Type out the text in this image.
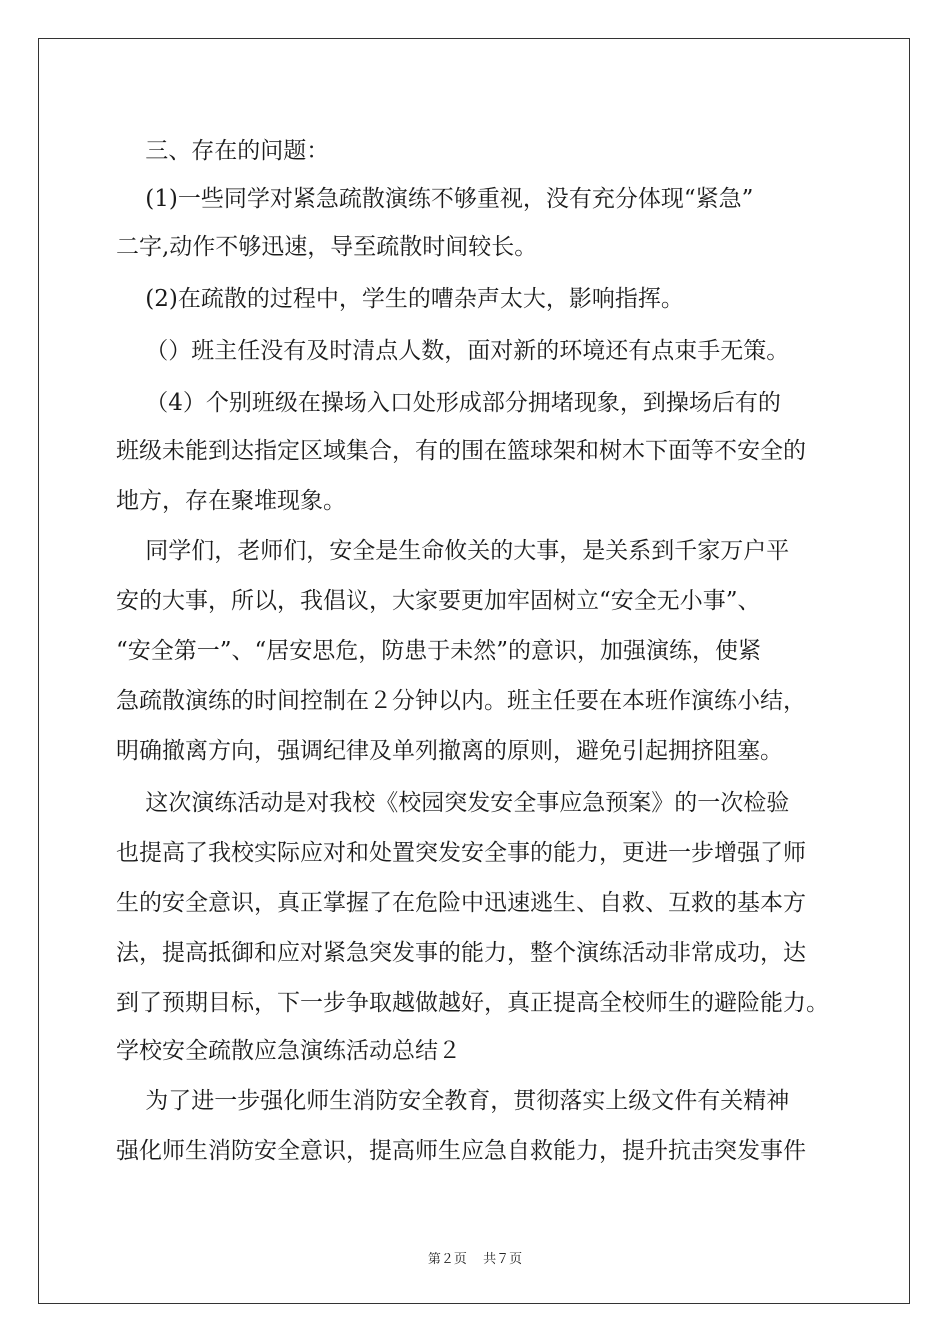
三、存在的问题：
(1)一些同学对紧急疏散演练不够重视，没有充分体现“紧急”
二字,动作不够迅速，导至疏散时间较长。
(2)在疏散的过程中，学生的嘈杂声太大，影响指挥。
（）班主任没有及时清点人数，面对新的环境还有点束手无策。
（4）个别班级在操场入口处形成部分拥堵现象，到操场后有的
班级未能到达指定区域集合，有的围在篮球架和树木下面等不安全的
地方，存在聚堆现象。
同学们，老师们，安全是生命攸关的大事，是关系到千家万户平
安的大事，所以，我倡议，大家要更加牢固树立“安全无小事”、
“安全第一”、“居安思危，防患于未然”的意识，加强演练，使紧
急疏散演练的时间控制在２分钟以内。班主任要在本班作演练小结，
明确撤离方向，强调纪律及单列撤离的原则，避免引起拥挤阻塞。
这次演练活动是对我校《校园突发安全事应急预案》的一次检验
也提高了我校实际应对和处置突发安全事的能力，更进一步增强了师
生的安全意识，真正掌握了在危险中迅速逃生、自救、互救的基本方
法，提高抵御和应对紧急突发事的能力，整个演练活动非常成功，达
到了预期目标，下一步争取越做越好，真正提高全校师生的避险能力。
学校安全疏散应急演练活动总结２
为了进一步强化师生消防安全教育，贯彻落实上级文件有关精神
强化师生消防安全意识，提高师生应急自救能力，提升抗击突发事件
第２页 共７页
